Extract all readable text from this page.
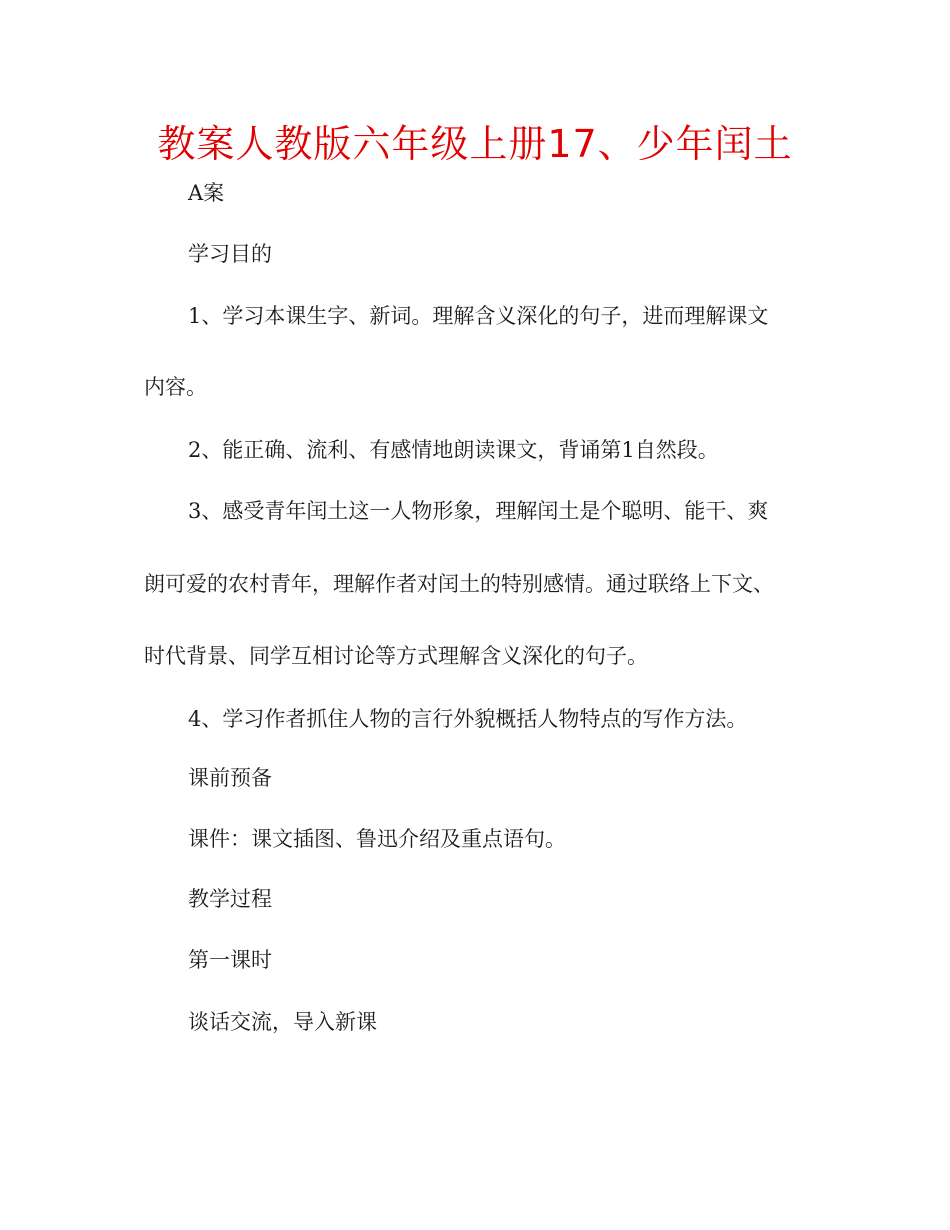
教案人教版六年级上册17、少年闰土

A案

学习目的

1、学习本课生字、新词。理解含义深化的句子，进而理解课文

内容。

2、能正确、流利、有感情地朗读课文，背诵第1自然段。

3、感受青年闰土这一人物形象，理解闰土是个聪明、能干、爽

朗可爱的农村青年，理解作者对闰土的特别感情。通过联络上下文、

时代背景、同学互相讨论等方式理解含义深化的句子。

4、学习作者抓住人物的言行外貌概括人物特点的写作方法。

课前预备

课件：课文插图、鲁迅介绍及重点语句。

教学过程

第一课时

谈话交流，导入新课
